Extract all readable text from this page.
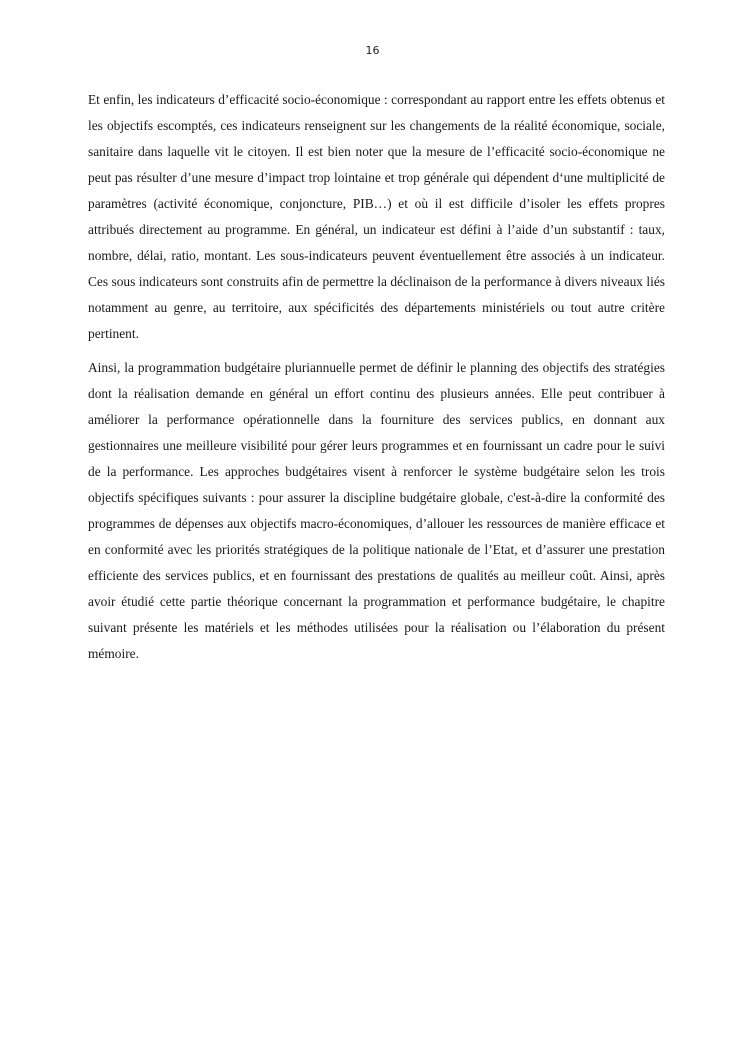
16

Et enfin, les indicateurs d’efficacité socio-économique : correspondant au rapport entre les effets obtenus et les objectifs escomptés, ces indicateurs renseignent sur les changements de la réalité économique, sociale, sanitaire dans laquelle vit le citoyen. Il est bien noter que la mesure de l’efficacité socio-économique ne peut pas résulter d’une mesure d’impact trop lointaine et trop générale qui dépendent d‘une multiplicité de paramètres (activité économique, conjoncture, PIB…) et où il est difficile d’isoler les effets propres attribués directement au programme. En général, un indicateur est défini à l’aide d’un substantif : taux, nombre, délai, ratio, montant. Les sous-indicateurs peuvent éventuellement être associés à un indicateur. Ces sous indicateurs sont construits afin de permettre la déclinaison de la performance à divers niveaux liés notamment au genre, au territoire, aux spécificités des départements ministériels ou tout autre critère pertinent.

Ainsi, la programmation budgétaire pluriannuelle permet de définir le planning des objectifs des stratégies dont la réalisation demande en général un effort continu des plusieurs années. Elle peut contribuer à améliorer la performance opérationnelle dans la fourniture des services publics, en donnant aux gestionnaires une meilleure visibilité pour gérer leurs programmes et en fournissant un cadre pour le suivi de la performance. Les approches budgétaires visent à renforcer le système budgétaire selon les trois objectifs spécifiques suivants : pour assurer la discipline budgétaire globale, c'est-à-dire la conformité des programmes de dépenses aux objectifs macro-économiques, d’allouer les ressources de manière efficace et en conformité avec les priorités stratégiques de la politique nationale de l’Etat, et d’assurer une prestation efficiente des services publics, et en fournissant des prestations de qualités au meilleur coût. Ainsi, après avoir étudié cette partie théorique concernant la programmation et performance budgétaire, le chapitre suivant présente les matériels et les méthodes utilisées pour la réalisation ou l’élaboration du présent mémoire.
